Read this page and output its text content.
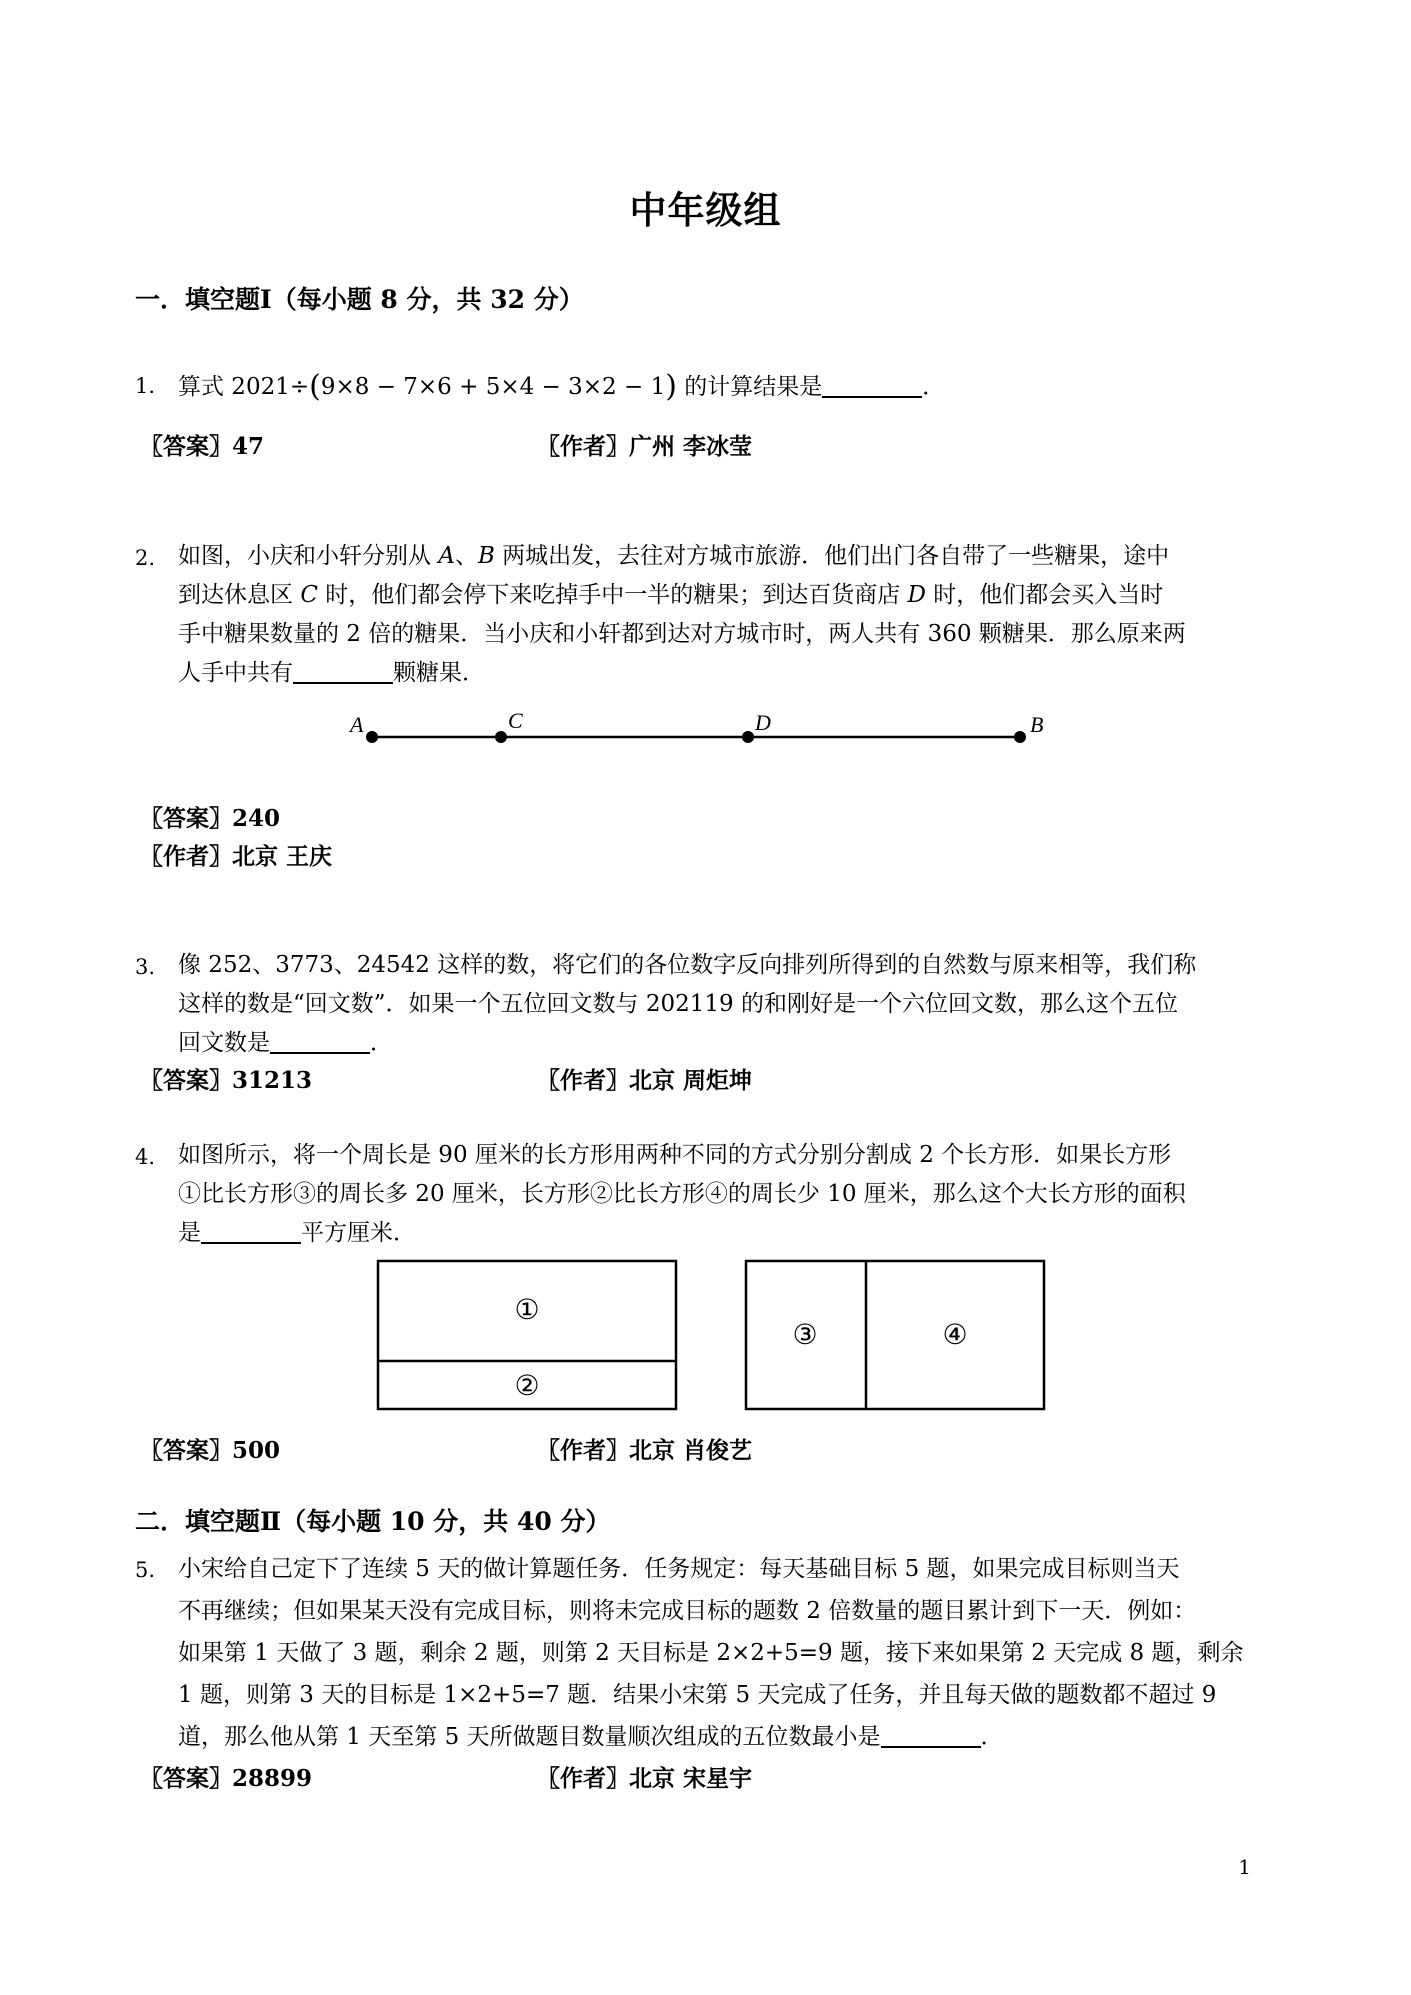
中年级组
一．填空题Ⅰ（每小题 8 分，共 32 分）
1. 算式 2021÷(9×8 − 7×6 + 5×4 − 3×2 − 1) 的计算结果是	．
〖答案〗47	〖作者〗广州 李冰莹
2. 如图，小庆和小轩分别从 A、B 两城出发，去往对方城市旅游．他们出门各自带了一些糖果，途中
到达休息区 C 时，他们都会停下来吃掉手中一半的糖果；到达百货商店 D 时，他们都会买入当时
手中糖果数量的 2 倍的糖果．当小庆和小轩都到达对方城市时，两人共有 360 颗糖果．那么原来两
人手中共有	颗糖果．
A	C	D	B
〖答案〗240
〖作者〗北京 王庆
3. 像 252、3773、24542 这样的数，将它们的各位数字反向排列所得到的自然数与原来相等，我们称
这样的数是“回文数”．如果一个五位回文数与 202119 的和刚好是一个六位回文数，那么这个五位
回文数是	．
〖答案〗31213	〖作者〗北京 周炬坤
4. 如图所示，将一个周长是 90 厘米的长方形用两种不同的方式分别分割成 2 个长方形．如果长方形
①比长方形③的周长多 20 厘米，长方形②比长方形④的周长少 10 厘米，那么这个大长方形的面积
是	平方厘米．
①
②
③	④
〖答案〗500	〖作者〗北京 肖俊艺
二．填空题Ⅱ（每小题 10 分，共 40 分）
5. 小宋给自己定下了连续 5 天的做计算题任务．任务规定：每天基础目标 5 题，如果完成目标则当天
不再继续；但如果某天没有完成目标，则将未完成目标的题数 2 倍数量的题目累计到下一天．例如：
如果第 1 天做了 3 题，剩余 2 题，则第 2 天目标是 2×2+5=9 题，接下来如果第 2 天完成 8 题，剩余
1 题，则第 3 天的目标是 1×2+5=7 题．结果小宋第 5 天完成了任务，并且每天做的题数都不超过 9
道，那么他从第 1 天至第 5 天所做题目数量顺次组成的五位数最小是	．
〖答案〗28899	〖作者〗北京 宋星宇
1
